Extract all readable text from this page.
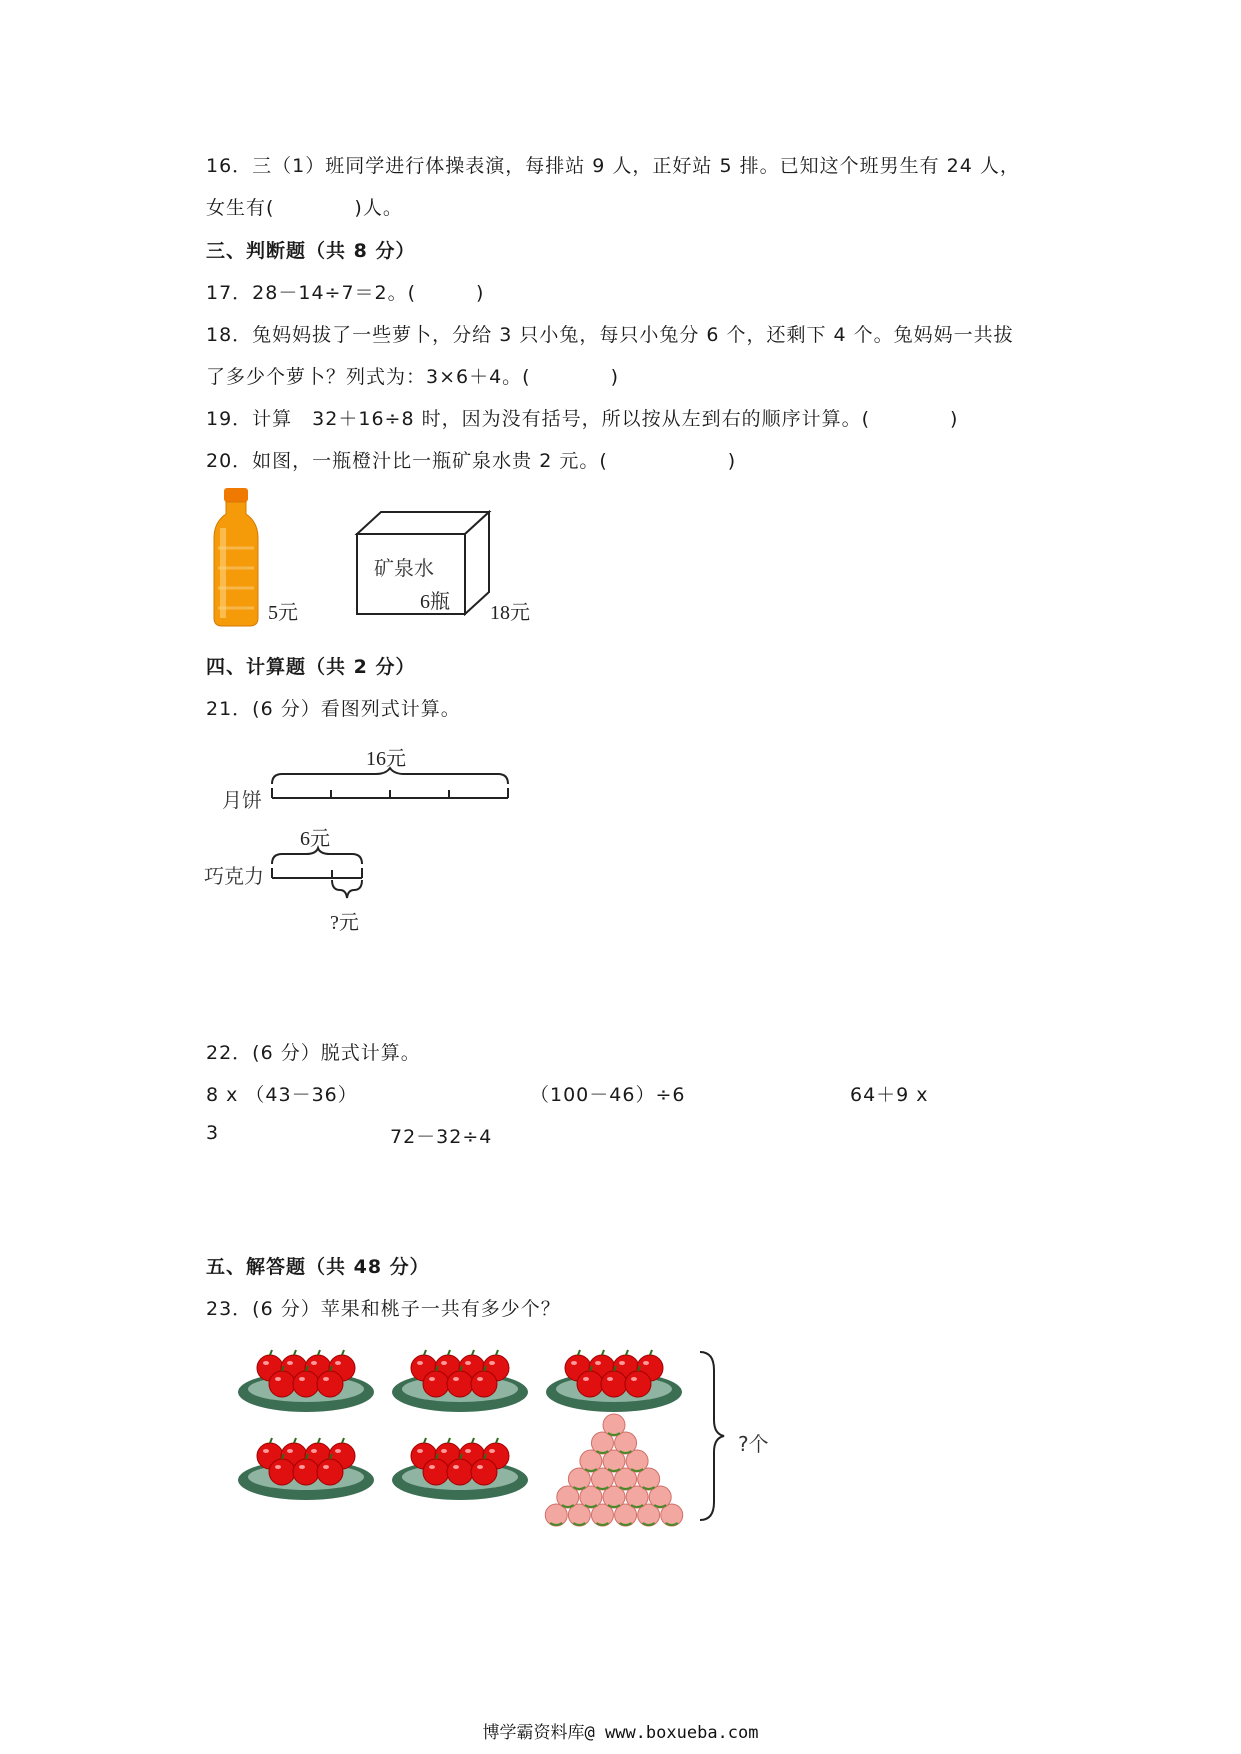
16．三（1）班同学进行体操表演，每排站 9 人，正好站 5 排。已知这个班男生有 24 人，
女生有(　　　　)人。
三、判断题（共 8 分）
17．28－14÷7＝2。(　　　)
18．兔妈妈拔了一些萝卜，分给 3 只小兔，每只小兔分 6 个，还剩下 4 个。兔妈妈一共拔
了多少个萝卜？列式为：3×6＋4。(　　　　)
19．计算　32＋16÷8 时，因为没有括号，所以按从左到右的顺序计算。(　　　　)
20．如图，一瓶橙汁比一瓶矿泉水贵 2 元。(　　　　　　)
5元
矿泉水
6瓶 18元
四、计算题（共 2 分）
21．(6 分）看图列式计算。
16元
月饼
6元
巧克力
?元
22．(6 分）脱式计算。
8 x （43－36）	（100－46）÷6	64＋9 x
3	72－32÷4
五、解答题（共 48 分）
23．(6 分）苹果和桃子一共有多少个？
?个
博学霸资料库@ www.boxueba.com
